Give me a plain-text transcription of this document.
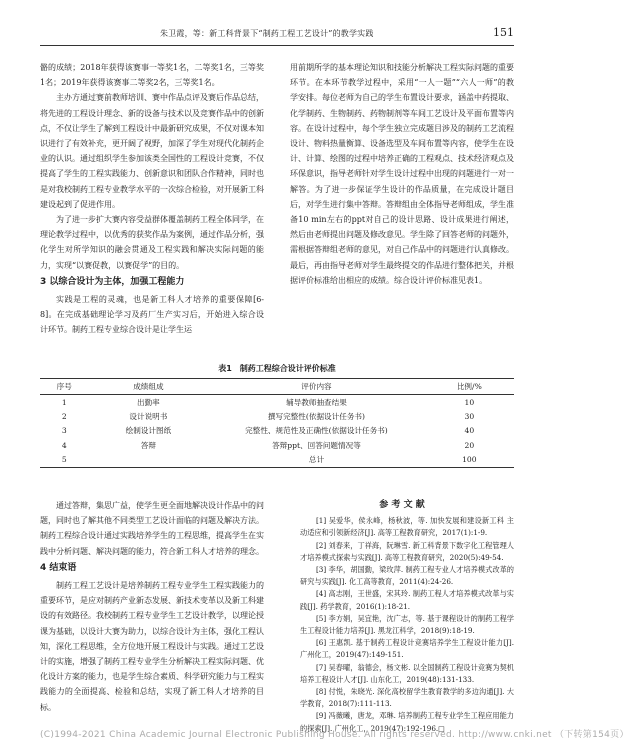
朱卫霞，等：新工科背景下“制药工程工艺设计”的教学实践	151

骼的成绩；2018年获得该赛事一等奖1名，二等奖1名，三等奖1名；2019年获得该赛事二等奖2名，三等奖1名。

主办方通过赛前教师培训、赛中作品点评及赛后作品总结，将先进的工程设计理念、新的设备与技术以及竞赛作品中的创新点，不仅让学生了解到工程设计中最新研究成果，不仅对课本知识进行了有效补充，更开阔了视野，加深了学生对现代化制药企业的认识。通过组织学生参加该类全国性的工程设计竞赛，不仅提高了学生的工程实践能力、创新意识和团队合作精神，同时也是对我校制药工程专业教学水平的一次综合检验，对开展新工科建设起到了促进作用。

为了进一步扩大赛内容受益群体覆盖制药工程全体同学，在理论教学过程中，以优秀的获奖作品为案例，通过作品分析，强化学生对所学知识的融会贯通及工程实践和解决实际问题的能力，实现“以赛促教，以赛促学”的目的。

3 以综合设计为主体，加强工程能力

实践是工程的灵魂，也是新工科人才培养的重要保障[6-8]。在完成基础理论学习及药厂生产实习后，开始进入综合设计环节。制药工程专业综合设计是让学生运

用前期所学的基本理论知识和技能分析解决工程实际问题的重要环节。在本环节教学过程中，采用“一人一题”“六人一师”的教学安排。每位老师为自己的学生布置设计要求，涵盖中药提取、化学制药、生物制药、药物制剂等车间工艺设计及平面布置等内容。在设计过程中，每个学生独立完成题目涉及的制药工艺流程设计、物料热量衡算、设备选型及车间布置等内容，使学生在设计、计算、绘图的过程中培养正确的工程观点、技术经济观点及环保意识，指导老师针对学生设计过程中出现的问题进行一对一解答。为了进一步保证学生设计的作品质量，在完成设计题目后，对学生进行集中答辩。答辩组由全体指导老师组成，学生准备10 min左右的ppt对自己的设计思路、设计成果进行阐述，然后由老师提出问题及修改意见。学生除了回答老师的问题外，需根据答辩组老师的意见，对自己作品中的问题进行认真修改。最后，再由指导老师对学生最终提交的作品进行整体把关，并根据评价标准给出相应的成绩。综合设计评价标准见表1。

表1　制药工程综合设计评价标准
序号	成绩组成	评价内容	比例/%
1	出勤率	辅导教师抽查结果	10
2	设计说明书	撰写完整性(依据设计任务书)	30
3	绘制设计图纸	完整性、规范性及正确性(依据设计任务书)	40
4	答辩	答辩ppt、回答问题情况等	20
5		总计	100

通过答辩，集思广益，使学生更全面地解决设计作品中的问题，同时也了解其他不同类型工艺设计面临的问题及解决方法。制药工程综合设计通过实践培养学生的工程思维，提高学生在实践中分析问题、解决问题的能力，符合新工科人才培养的理念。

4 结束语

制药工程工艺设计是培养制药工程专业学生工程实践能力的重要环节，是应对制药产业新态发展、新技术变革以及新工科建设的有效路径。我校制药工程专业学生工艺设计教学，以理论授课为基础，以设计大赛为助力，以综合设计为主体，强化工程认知，深化工程思维，全方位地开展工程设计与实践。通过工艺设计的实施，增强了制药工程专业学生分析解决工程实际问题、优化设计方案的能力，也是学生综合素质、科学研究能力与工程实践能力的全面提高、检验和总结，实现了新工科人才培养的目标。

参 考 文 献

[1] 吴爱华，侯永峰，杨秋波，等. 加快发展和建设新工科 主动适应和引领新经济[J]. 高等工程教育研究，2017(1):1-9.

[2] 刘春来，丁祥海，阮琳雪. 新工科背景下数字化工程管理人才培养模式探索与实践[J]. 高等工程教育研究，2020(5):49-54.

[3] 李华，胡国勤，梁玫萍. 制药工程专业人才培养模式改革的研究与实践[J]. 化工高等教育，2011(4):24-26.

[4] 高志刚，王世盛，宋其玲. 制药工程人才培养模式改革与实践[J]. 药学教育，2016(1):18-21.

[5] 李方娟，吴宜艳，沈广志，等. 基于课程设计的制药工程学生工程设计能力培养[J]. 黑龙江科学，2018(9):18-19.

[6] 王惠凯. 基于制药工程设计竞赛培养学生工程设计能力[J]. 广州化工，2019(47):149-151.

[7] 吴春曜，翁德会，杨文彬. 以全国制药工程设计竞赛为契机 培养工程设计人才[J]. 山东化工，2019(48):131-133.

[8] 付悦，朱晓光. 深化高校留学生教育教学的多边沟通[J]. 大学教育，2018(7):111-113.

[9] 冯薇曦，唐龙，邓琳. 培养制药工程专业学生工程应用能力的探索[J]. 广州化工，2019(47):192-196.□

(C)1994-2021 China Academic Journal Electronic Publishing House. All rights reserved. http://www.cnki.net （下转第154页）
